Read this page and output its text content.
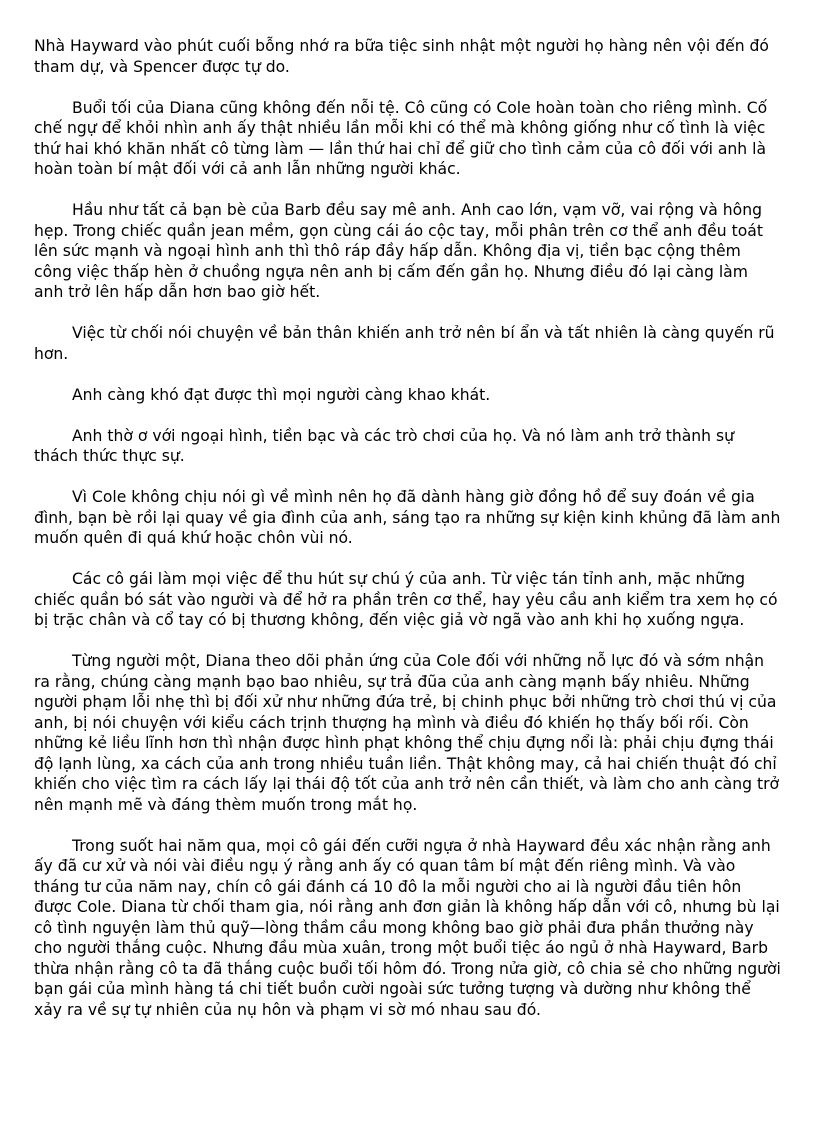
Nhà Hayward vào phút cuối bỗng nhớ ra bữa tiệc sinh nhật một người họ hàng nên vội đến đó tham dự, và Spencer được tự do.

Buổi tối của Diana cũng không đến nỗi tệ. Cô cũng có Cole hoàn toàn cho riêng mình. Cố chế ngự để khỏi nhìn anh ấy thật nhiều lần mỗi khi có thể mà không giống như cố tình là việc thứ hai khó khăn nhất cô từng làm — lần thứ hai chỉ để giữ cho tình cảm của cô đối với anh là hoàn toàn bí mật đối với cả anh lẫn những người khác.

Hầu như tất cả bạn bè của Barb đều say mê anh. Anh cao lớn, vạm vỡ, vai rộng và hông hẹp. Trong chiếc quần jean mềm, gọn cùng cái áo cộc tay, mỗi phân trên cơ thể anh đều toát lên sức mạnh và ngoại hình anh thì thô ráp đầy hấp dẫn. Không địa vị, tiền bạc cộng thêm công việc thấp hèn ở chuồng ngựa nên anh bị cấm đến gần họ. Nhưng điều đó lại càng làm anh trở lên hấp dẫn hơn bao giờ hết.

Việc từ chối nói chuyện về bản thân khiến anh trở nên bí ẩn và tất nhiên là càng quyến rũ hơn.

Anh càng khó đạt được thì mọi người càng khao khát.

Anh thờ ơ với ngoại hình, tiền bạc và các trò chơi của họ. Và nó làm anh trở thành sự thách thức thực sự.

Vì Cole không chịu nói gì về mình nên họ đã dành hàng giờ đồng hồ để suy đoán về gia đình, bạn bè rồi lại quay về gia đình của anh, sáng tạo ra những sự kiện kinh khủng đã làm anh muốn quên đi quá khứ hoặc chôn vùi nó.

Các cô gái làm mọi việc để thu hút sự chú ý của anh. Từ việc tán tỉnh anh, mặc những chiếc quần bó sát vào người và để hở ra phần trên cơ thể, hay yêu cầu anh kiểm tra xem họ có bị trặc chân và cổ tay có bị thương không, đến việc giả vờ ngã vào anh khi họ xuống ngựa.

Từng người một, Diana theo dõi phản ứng của Cole đối với những nỗ lực đó và sớm nhận ra rằng, chúng càng mạnh bạo bao nhiêu, sự trả đũa của anh càng mạnh bấy nhiêu. Những người phạm lỗi nhẹ thì bị đối xử như những đứa trẻ, bị chinh phục bởi những trò chơi thú vị của anh, bị nói chuyện với kiểu cách trịnh thượng hạ mình và điều đó khiến họ thấy bối rối. Còn những kẻ liều lĩnh hơn thì nhận được hình phạt không thể chịu đựng nổi là: phải chịu đựng thái độ lạnh lùng, xa cách của anh trong nhiều tuần liền. Thật không may, cả hai chiến thuật đó chỉ khiến cho việc tìm ra cách lấy lại thái độ tốt của anh trở nên cần thiết, và làm cho anh càng trở nên mạnh mẽ và đáng thèm muốn trong mắt họ.

Trong suốt hai năm qua, mọi cô gái đến cưỡi ngựa ở nhà Hayward đều xác nhận rằng anh ấy đã cư xử và nói vài điều ngụ ý rằng anh ấy có quan tâm bí mật đến riêng mình. Và vào tháng tư của năm nay, chín cô gái đánh cá 10 đô la mỗi người cho ai là người đầu tiên hôn được Cole. Diana từ chối tham gia, nói rằng anh đơn giản là không hấp dẫn với cô, nhưng bù lại cô tình nguyện làm thủ quỹ—lòng thầm cầu mong không bao giờ phải đưa phần thưởng này cho người thắng cuộc. Nhưng đầu mùa xuân, trong một buổi tiệc áo ngủ ở nhà Hayward, Barb thừa nhận rằng cô ta đã thắng cuộc buổi tối hôm đó. Trong nửa giờ, cô chia sẻ cho những người bạn gái của mình hàng tá chi tiết buồn cười ngoài sức tưởng tượng và dường như không thể xảy ra về sự tự nhiên của nụ hôn và phạm vi sờ mó nhau sau đó.
